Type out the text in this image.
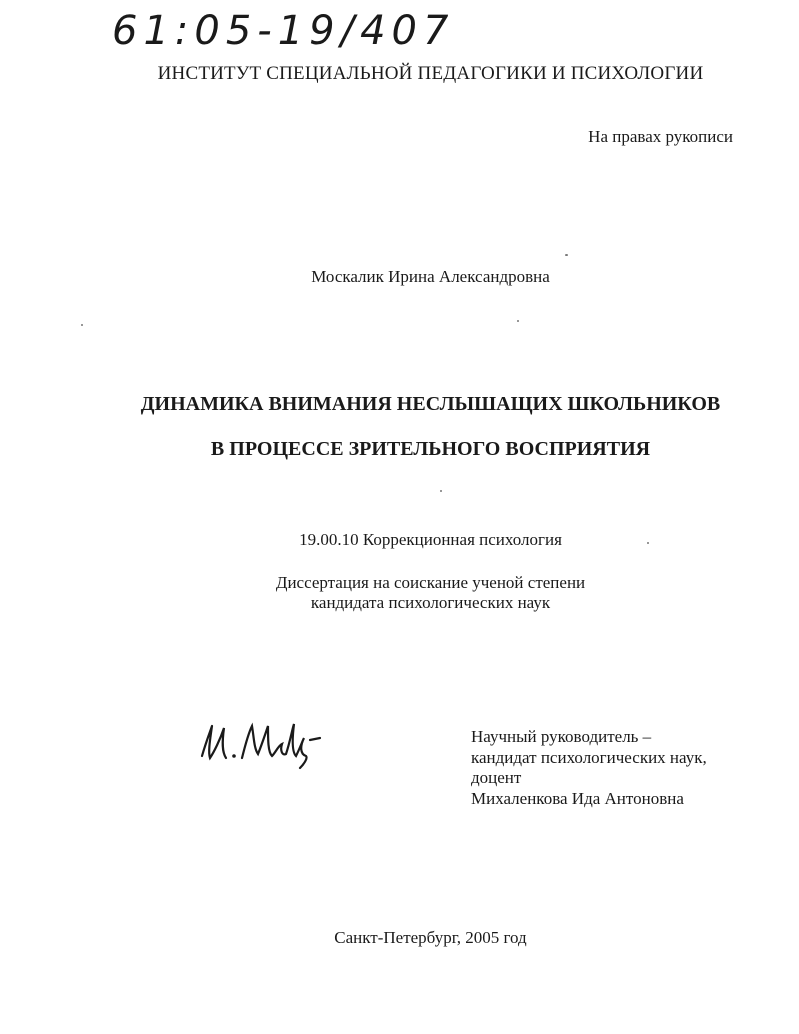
61:05-19/407
ИНСТИТУТ СПЕЦИАЛЬНОЙ ПЕДАГОГИКИ И ПСИХОЛОГИИ
На правах рукописи
Москалик Ирина Александровна
ДИНАМИКА ВНИМАНИЯ НЕСЛЫШАЩИХ ШКОЛЬНИКОВ
В ПРОЦЕССЕ ЗРИТЕЛЬНОГО ВОСПРИЯТИЯ
19.00.10 Коррекционная психология
Диссертация на соискание ученой степени
кандидата психологических наук
Научный руководитель –
кандидат психологических наук,
доцент
Михаленкова Ида Антоновна
Санкт-Петербург, 2005 год
